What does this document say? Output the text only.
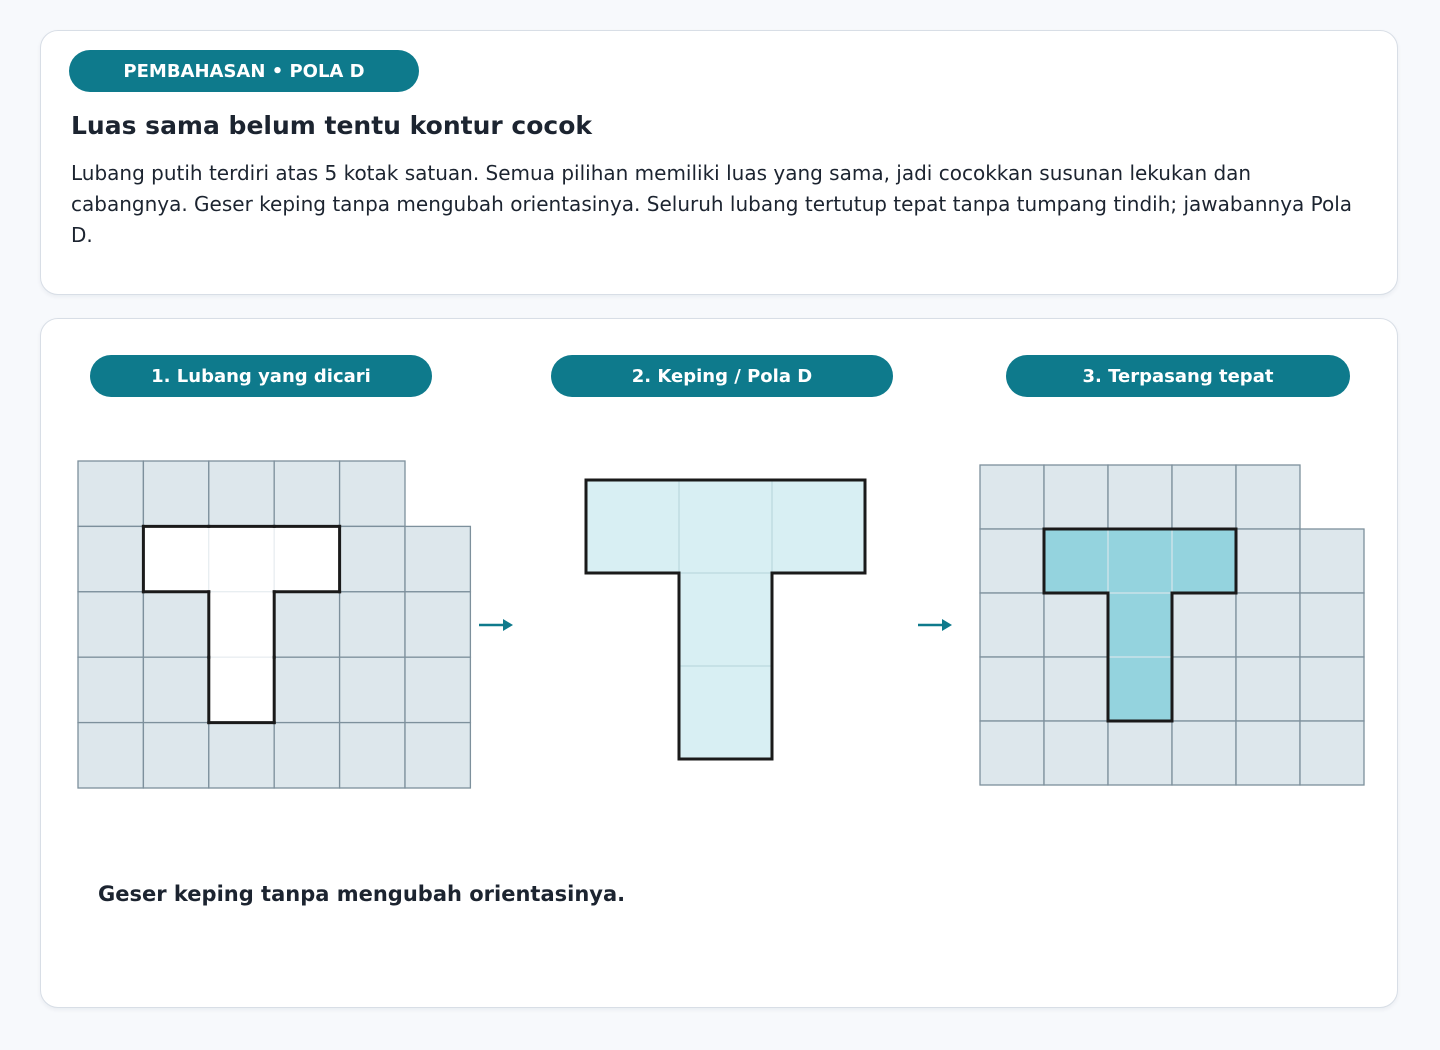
PEMBAHASAN • POLA D
Luas sama belum tentu kontur cocok

Lubang putih terdiri atas 5 kotak satuan. Semua pilihan memiliki luas yang sama, jadi cocokkan susunan lekukan dan cabangnya. Geser keping tanpa mengubah orientasinya. Seluruh lubang tertutup tepat tanpa tumpang tindih; jawabannya Pola D.

1. Lubang yang dicari	2. Keping / Pola D	3. Terpasang tepat

Geser keping tanpa mengubah orientasinya.
